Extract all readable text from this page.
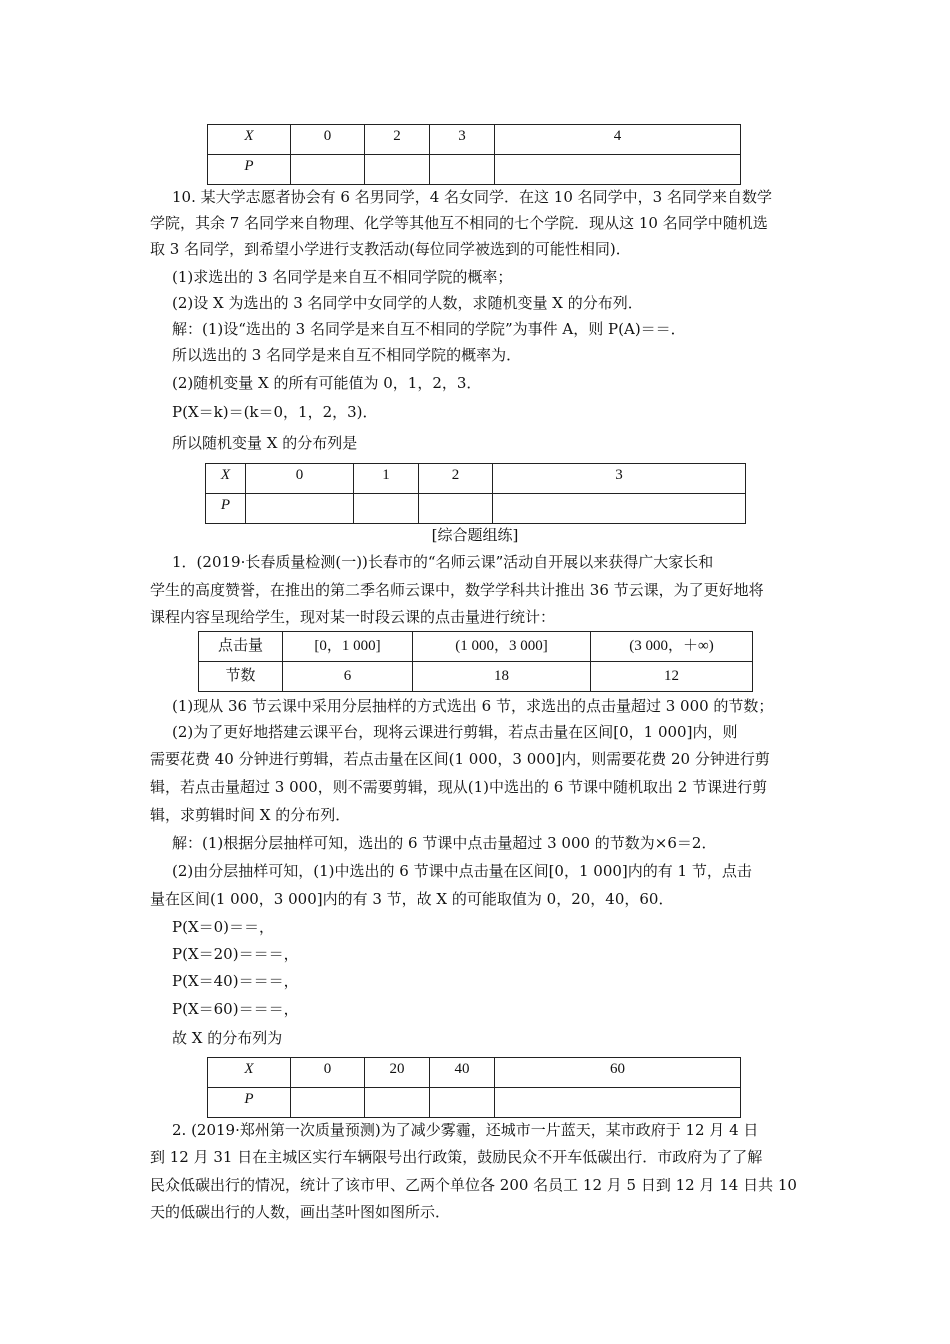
X	0	2	3	4
P				
10. 某大学志愿者协会有 6 名男同学，4 名女同学．在这 10 名同学中，3 名同学来自数学
学院，其余 7 名同学来自物理、化学等其他互不相同的七个学院．现从这 10 名同学中随机选
取 3 名同学，到希望小学进行支教活动(每位同学被选到的可能性相同)．
(1)求选出的 3 名同学是来自互不相同学院的概率；
(2)设 X 为选出的 3 名同学中女同学的人数，求随机变量 X 的分布列．
解：(1)设“选出的 3 名同学是来自互不相同的学院”为事件 A，则 P(A)＝＝．
所以选出的 3 名同学是来自互不相同学院的概率为．
(2)随机变量 X 的所有可能值为 0，1，2，3．
P(X＝k)＝(k＝0，1，2，3)．
所以随机变量 X 的分布列是
X	0	1	2	3
P				
[综合题组练]
1．(2019·长春质量检测(一))长春市的“名师云课”活动自开展以来获得广大家长和
学生的高度赞誉，在推出的第二季名师云课中，数学学科共计推出 36 节云课，为了更好地将
课程内容呈现给学生，现对某一时段云课的点击量进行统计：
点击量	[0，1 000]	(1 000，3 000]	(3 000，＋∞)
节数	6	18	12
(1)现从 36 节云课中采用分层抽样的方式选出 6 节，求选出的点击量超过 3 000 的节数；
(2)为了更好地搭建云课平台，现将云课进行剪辑，若点击量在区间[0，1 000]内，则
需要花费 40 分钟进行剪辑，若点击量在区间(1 000，3 000]内，则需要花费 20 分钟进行剪
辑，若点击量超过 3 000，则不需要剪辑，现从(1)中选出的 6 节课中随机取出 2 节课进行剪
辑，求剪辑时间 X 的分布列．
解：(1)根据分层抽样可知，选出的 6 节课中点击量超过 3 000 的节数为×6＝2．
(2)由分层抽样可知，(1)中选出的 6 节课中点击量在区间[0，1 000]内的有 1 节，点击
量在区间(1 000，3 000]内的有 3 节，故 X 的可能取值为 0，20，40，60．
P(X＝0)＝＝，
P(X＝20)＝＝＝，
P(X＝40)＝＝＝，
P(X＝60)＝＝＝，
故 X 的分布列为
X	0	20	40	60
P				
2. (2019·郑州第一次质量预测)为了减少雾霾，还城市一片蓝天，某市政府于 12 月 4 日
到 12 月 31 日在主城区实行车辆限号出行政策，鼓励民众不开车低碳出行．市政府为了了解
民众低碳出行的情况，统计了该市甲、乙两个单位各 200 名员工 12 月 5 日到 12 月 14 日共 10
天的低碳出行的人数，画出茎叶图如图所示．
